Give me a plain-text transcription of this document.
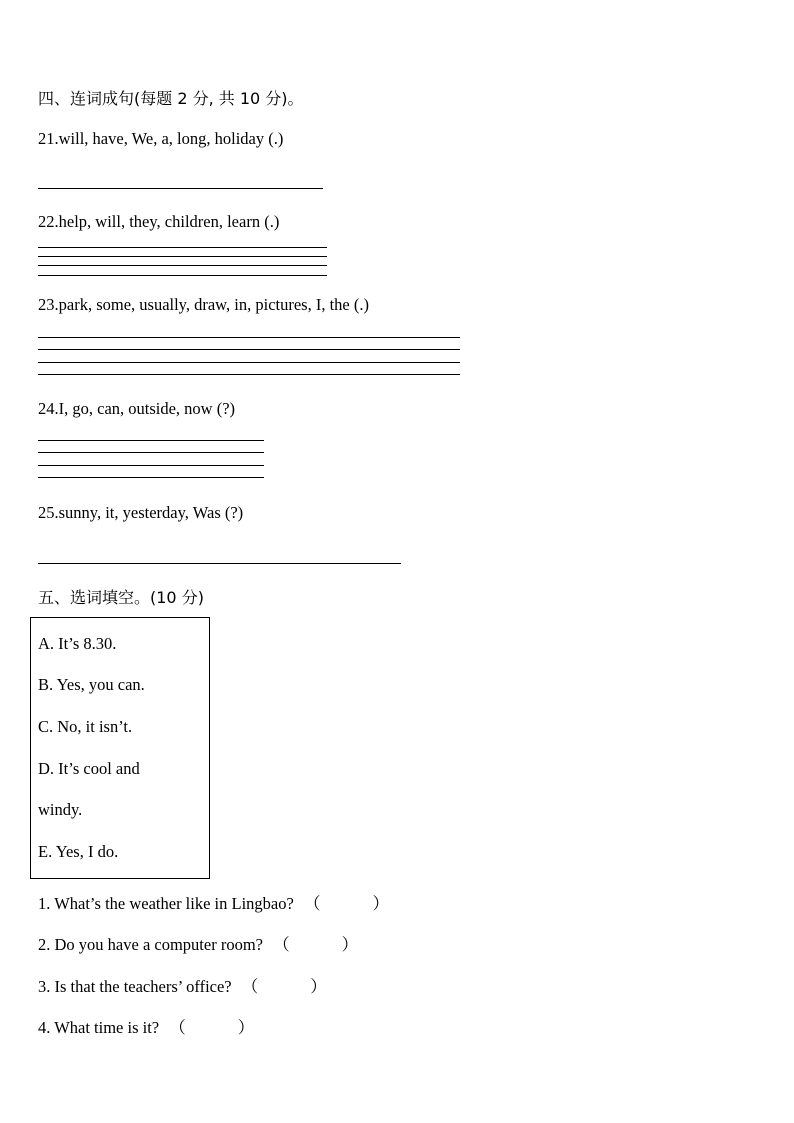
四、连词成句(每题 2 分, 共 10 分)。
21.will, have, We, a, long, holiday (.)
22.help, will, they, children, learn (.)
23.park, some, usually, draw, in, pictures, I, the (.)
24.I, go, can, outside, now (?)
25.sunny, it, yesterday, Was (?)
五、选词填空。(10 分)
A. It’s 8.30.
B. Yes, you can.
C. No, it isn’t.
D. It’s cool and
windy.
E. Yes, I do.
1. What’s the weather like in Lingbao? （	）
2. Do you have a computer room? （	）
3. Is that the teachers’ office? （	）
4. What time is it? （	）
